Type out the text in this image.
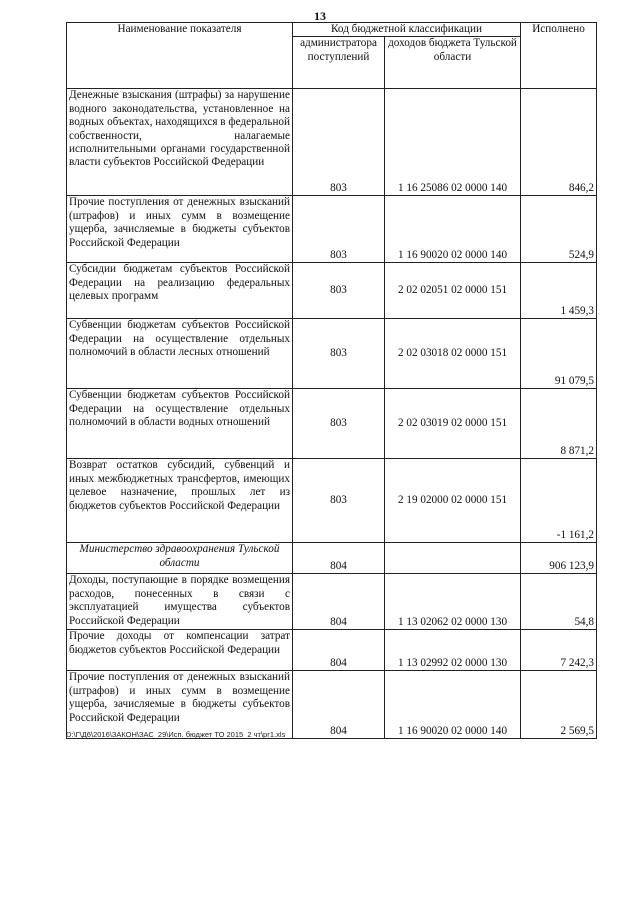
13
Наименование показателя	Код бюджетной классификации		Исполнено
	администратора поступлений	доходов бюджета Тульской области	
Денежные взыскания (штрафы) за нарушение водного законодательства, установленное на водных объектах, находящихся в федеральной собственности, налагаемые исполнительными органами государственной власти субъектов Российской Федерации	803	1 16 25086 02 0000 140	846,2
Прочие поступления от денежных взысканий (штрафов) и иных сумм в возмещение ущерба, зачисляемые в бюджеты субъектов Российской Федерации	803	1 16 90020 02 0000 140	524,9
Субсидии бюджетам субъектов Российской Федерации на реализацию федеральных целевых программ	803	2 02 02051 02 0000 151	1 459,3
Субвенции бюджетам субъектов Российской Федерации на осуществление отдельных полномочий в области лесных отношений	803	2 02 03018 02 0000 151	91 079,5
Субвенции бюджетам субъектов Российской Федерации на осуществление отдельных полномочий в области водных отношений	803	2 02 03019 02 0000 151	8 871,2
Возврат остатков субсидий, субвенций и иных межбюджетных трансфертов, имеющих целевое назначение, прошлых лет из бюджетов субъектов Российской Федерации	803	2 19 02000 02 0000 151	-1 161,2
Министерство здравоохранения Тульской области	804		906 123,9
Доходы, поступающие в порядке возмещения расходов, понесенных в связи с эксплуатацией имущества субъектов Российской Федерации	804	1 13 02062 02 0000 130	54,8
Прочие доходы от компенсации затрат бюджетов субъектов Российской Федерации	804	1 13 02992 02 0000 130	7 242,3
Прочие поступления от денежных взысканий (штрафов) и иных сумм в возмещение ущерба, зачисляемые в бюджеты субъектов Российской Федерации	804	1 16 90020 02 0000 140	2 569,5
D:\Г\Д6\2016\ЗАКОН\ЗАС_29\Исп. бюджет ТО 2015_2 чт\рг1.xls
